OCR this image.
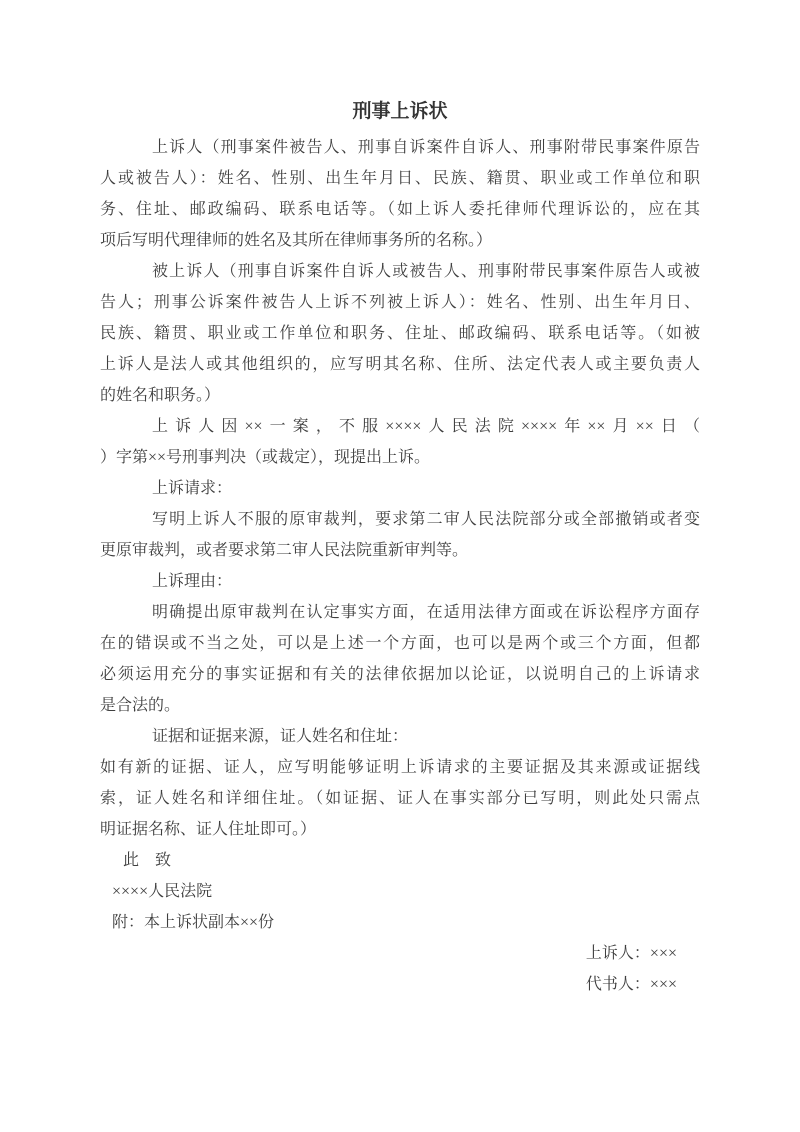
刑事上诉状
上诉人（刑事案件被告人、刑事自诉案件自诉人、刑事附带民事案件原告
人或被告人）：姓名、性别、出生年月日、民族、籍贯、职业或工作单位和职
务、住址、邮政编码、联系电话等。（如上诉人委托律师代理诉讼的，应在其
项后写明代理律师的姓名及其所在律师事务所的名称。）
被上诉人（刑事自诉案件自诉人或被告人、刑事附带民事案件原告人或被
告人；刑事公诉案件被告人上诉不列被上诉人）：姓名、性别、出生年月日、
民族、籍贯、职业或工作单位和职务、住址、邮政编码、联系电话等。（如被
上诉人是法人或其他组织的，应写明其名称、住所、法定代表人或主要负责人
的姓名和职务。）
上诉人因××一案，不服××××人民法院××××年××月××日（
）字第××号刑事判决（或裁定），现提出上诉。
上诉请求：
写明上诉人不服的原审裁判，要求第二审人民法院部分或全部撤销或者变
更原审裁判，或者要求第二审人民法院重新审判等。
上诉理由：
明确提出原审裁判在认定事实方面，在适用法律方面或在诉讼程序方面存
在的错误或不当之处，可以是上述一个方面，也可以是两个或三个方面，但都
必须运用充分的事实证据和有关的法律依据加以论证，以说明自己的上诉请求
是合法的。
证据和证据来源，证人姓名和住址：
如有新的证据、证人，应写明能够证明上诉请求的主要证据及其来源或证据线
索，证人姓名和详细住址。（如证据、证人在事实部分已写明，则此处只需点
明证据名称、证人住址即可。）
此　致
××××人民法院
附：本上诉状副本××份
上诉人：×××
代书人：×××
